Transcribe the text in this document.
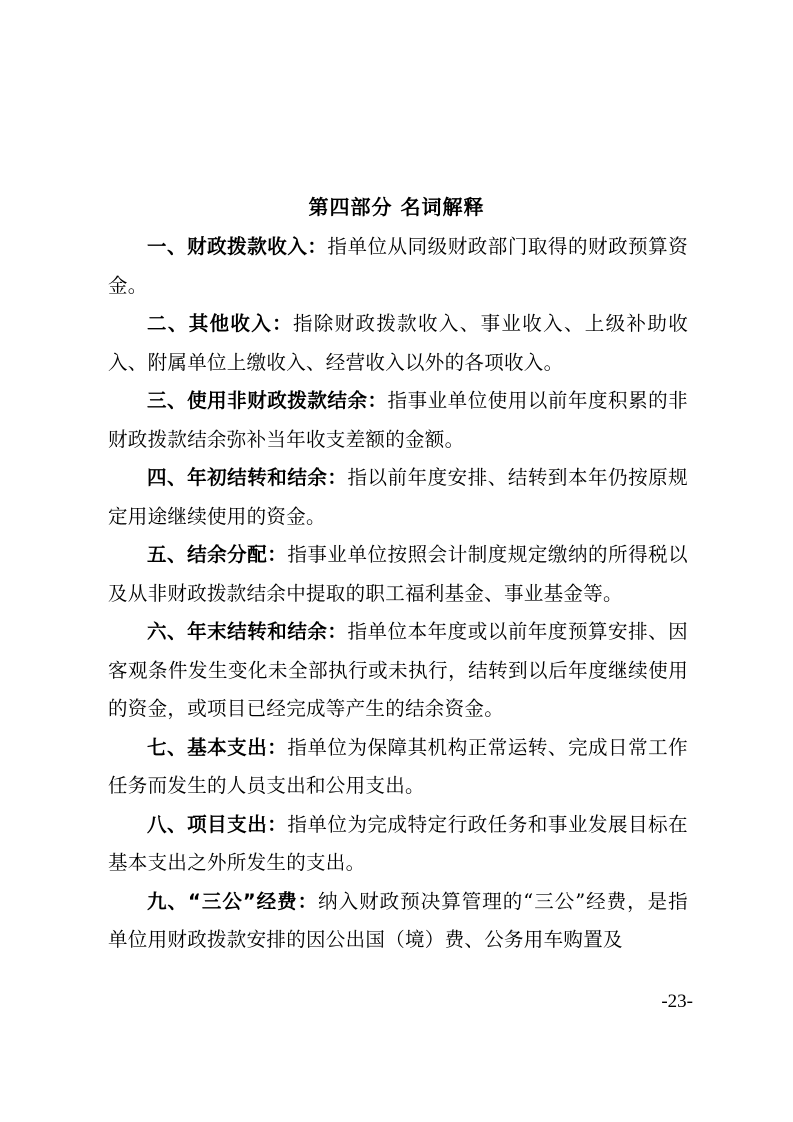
第四部分 名词解释

一、财政拨款收入：指单位从同级财政部门取得的财政预算资金。

二、其他收入：指除财政拨款收入、事业收入、上级补助收入、附属单位上缴收入、经营收入以外的各项收入。

三、使用非财政拨款结余：指事业单位使用以前年度积累的非财政拨款结余弥补当年收支差额的金额。

四、年初结转和结余：指以前年度安排、结转到本年仍按原规定用途继续使用的资金。

五、结余分配：指事业单位按照会计制度规定缴纳的所得税以及从非财政拨款结余中提取的职工福利基金、事业基金等。

六、年末结转和结余：指单位本年度或以前年度预算安排、因客观条件发生变化未全部执行或未执行，结转到以后年度继续使用的资金，或项目已经完成等产生的结余资金。

七、基本支出：指单位为保障其机构正常运转、完成日常工作任务而发生的人员支出和公用支出。

八、项目支出：指单位为完成特定行政任务和事业发展目标在基本支出之外所发生的支出。

九、“三公”经费：纳入财政预决算管理的“三公”经费，是指单位用财政拨款安排的因公出国（境）费、公务用车购置及

-23-
